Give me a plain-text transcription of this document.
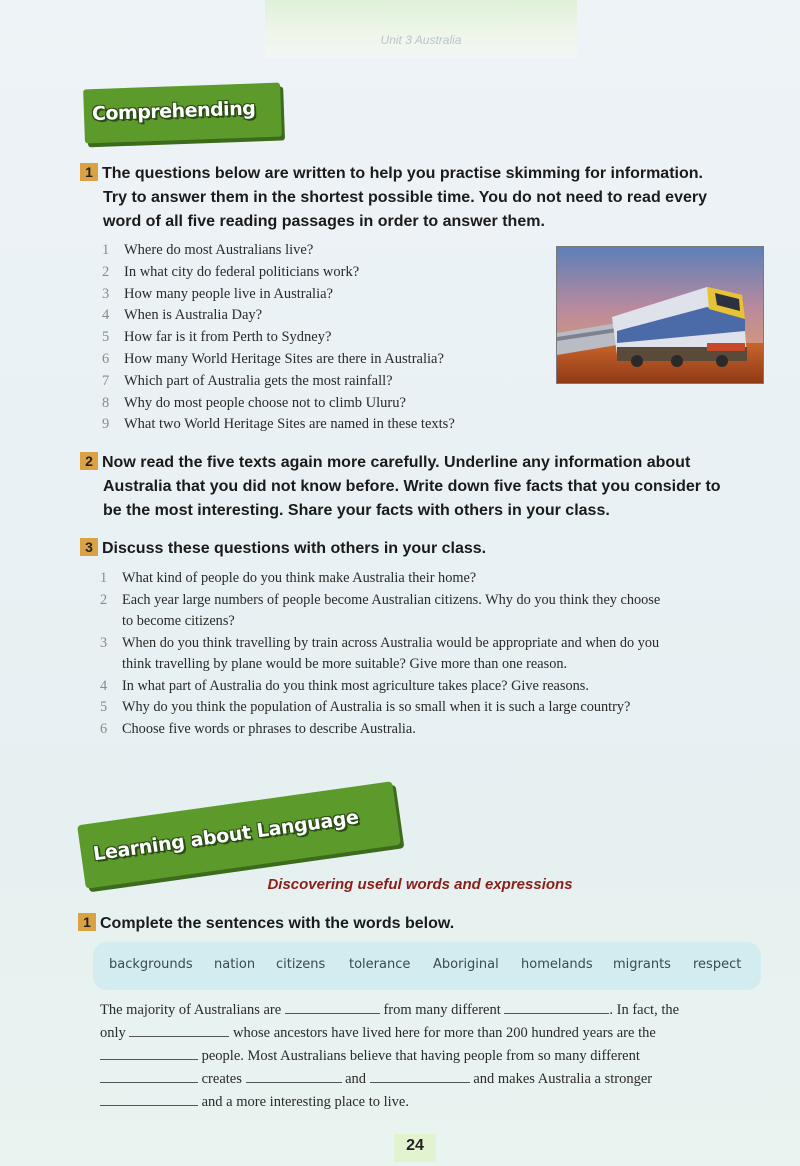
Unit 3 Australia
Comprehending
1 The questions below are written to help you practise skimming for information.
Try to answer them in the shortest possible time. You do not need to read every
word of all five reading passages in order to answer them.
1 Where do most Australians live?
2 In what city do federal politicians work?
3 How many people live in Australia?
4 When is Australia Day?
5 How far is it from Perth to Sydney?
6 How many World Heritage Sites are there in Australia?
7 Which part of Australia gets the most rainfall?
8 Why do most people choose not to climb Uluru?
9 What two World Heritage Sites are named in these texts?
2 Now read the five texts again more carefully. Underline any information about
Australia that you did not know before. Write down five facts that you consider to
be the most interesting. Share your facts with others in your class.
3 Discuss these questions with others in your class.
1 What kind of people do you think make Australia their home?
2 Each year large numbers of people become Australian citizens. Why do you think they choose
to become citizens?
3 When do you think travelling by train across Australia would be appropriate and when do you
think travelling by plane would be more suitable? Give more than one reason.
4 In what part of Australia do you think most agriculture takes place? Give reasons.
5 Why do you think the population of Australia is so small when it is such a large country?
6 Choose five words or phrases to describe Australia.
Learning about Language
Discovering useful words and expressions
1 Complete the sentences with the words below.
backgrounds nation citizens tolerance Aboriginal homelands migrants respect
The majority of Australians are	from many different	. In fact, the
only	whose ancestors have lived here for more than 200 hundred years are the
people. Most Australians believe that having people from so many different
creates	and	and makes Australia a stronger
and a more interesting place to live.
24
